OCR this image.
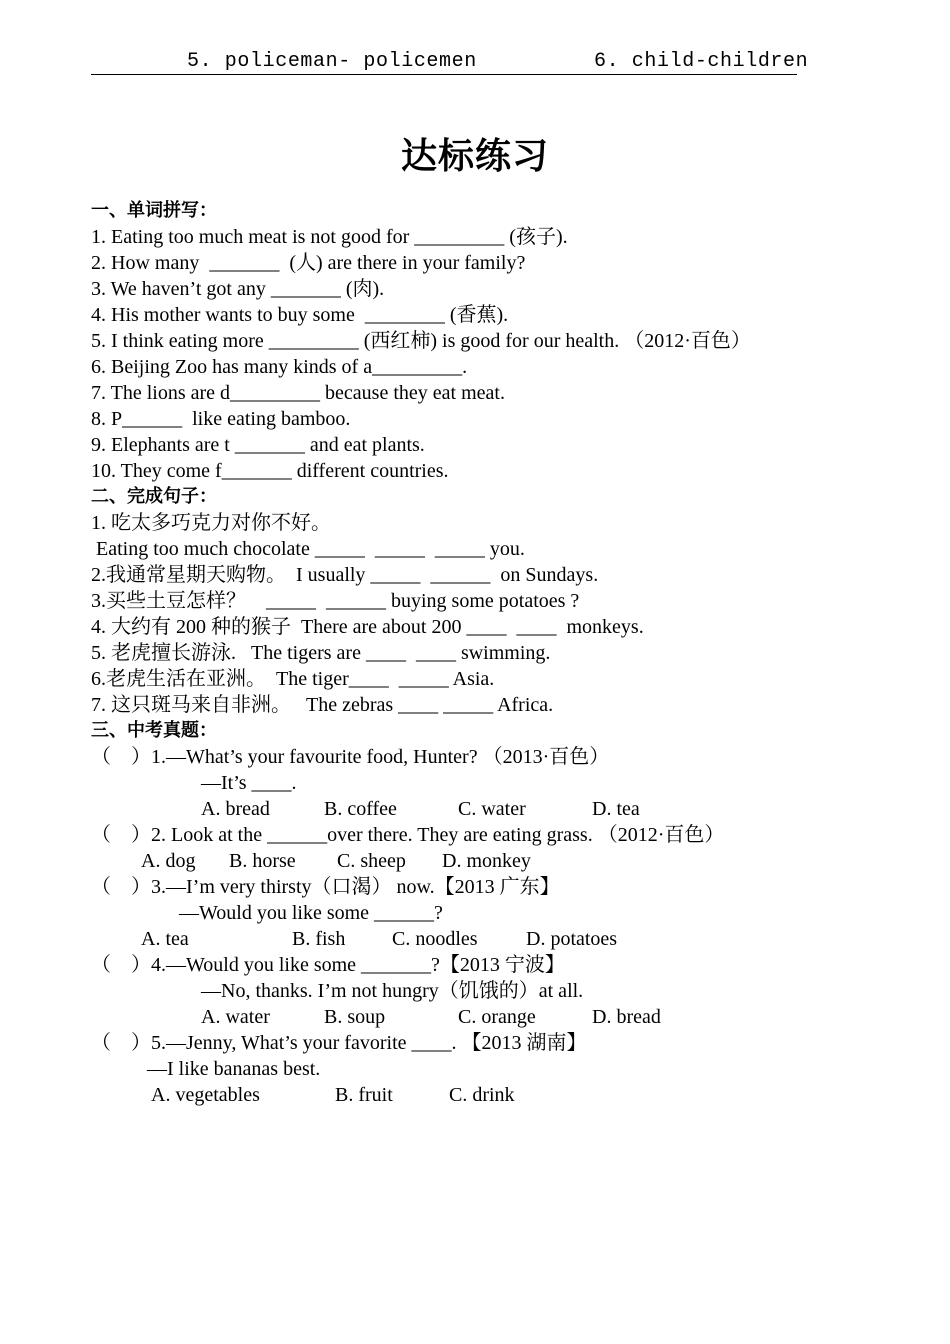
5. policeman- policemen

	6. child-children

达标练习
一、单词拼写：
1. Eating too much meat is not good for _________ (孩子).
2. How many  _______  (人) are there in your family?
3. We haven’t got any _______ (肉).
4. His mother wants to buy some  ________ (香蕉).
5. I think eating more _________ (西红柿) is good for our health. （2012·百色）
6. Beijing Zoo has many kinds of a_________.
7. The lions are d_________ because they eat meat.
8. P______  like eating bamboo.
9. Elephants are t _______ and eat plants.
10. They come f_______ different countries.
二、完成句子：
1. 吃太多巧克力对你不好。
Eating too much chocolate _____  _____  _____ you.
2.我通常星期天购物。  I usually _____  ______  on Sundays.
3.买些土豆怎样？    _____  ______ buying some potatoes ?
4. 大约有 200 种的猴子  There are about 200 ____  ____  monkeys.
5. 老虎擅长游泳.   The tigers are ____  ____ swimming.
6.老虎生活在亚洲。  The tiger____  _____ Asia.
7. 这只斑马来自非洲。   The zebras ____ _____ Africa.
三、中考真题：
（    ）1.—What’s your favourite food, Hunter? （2013·百色）
—It’s ____.
A. bread	B. coffee	C. water	D. tea
（    ）2. Look at the ______over there. They are eating grass. （2012·百色）
A. dog B. horse C. sheep D. monkey
（    ）3.—I’m very thirsty（口渴） now.【2013 广东】
—Would you like some ______?
A. tea	B. fish C. noodles D. potatoes
（    ）4.—Would you like some _______?【2013 宁波】
—No, thanks. I’m not hungry（饥饿的）at all.
A. water	B. soup	C. orange	D. bread
（    ）5.—Jenny, What’s your favorite ____. 【2013 湖南】
—I like bananas best.
A. vegetables	B. fruit	C. drink
